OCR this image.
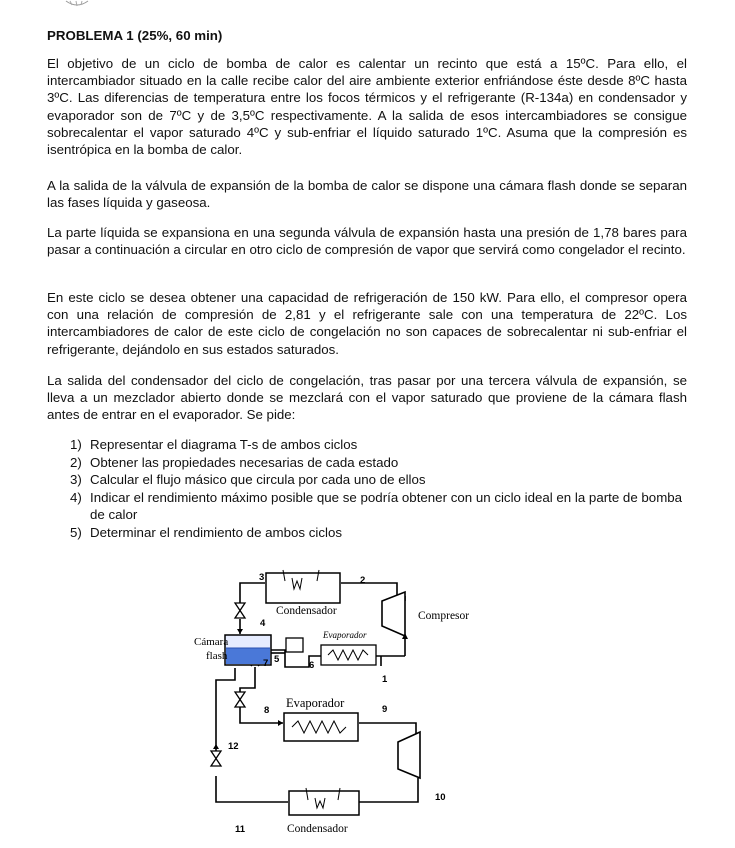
PROBLEMA 1 (25%, 60 min)

El objetivo de un ciclo de bomba de calor es calentar un recinto que está a 15ºC. Para ello, el intercambiador situado en la calle recibe calor del aire ambiente exterior enfriándose éste desde 8ºC hasta 3ºC. Las diferencias de temperatura entre los focos térmicos y el refrigerante (R-134a) en condensador y evaporador son de 7ºC y de 3,5ºC respectivamente. A la salida de esos intercambiadores se consigue sobrecalentar el vapor saturado 4ºC y sub-enfriar el líquido saturado 1ºC. Asuma que la compresión es isentrópica en la bomba de calor.

A la salida de la válvula de expansión de la bomba de calor se dispone una cámara flash donde se separan las fases líquida y gaseosa.

La parte líquida se expansiona en una segunda válvula de expansión hasta una presión de 1,78 bares para pasar a continuación a circular en otro ciclo de compresión de vapor que servirá como congelador el recinto.

En este ciclo se desea obtener una capacidad de refrigeración de 150 kW. Para ello, el compresor opera con una relación de compresión de 2,81 y el refrigerante sale con una temperatura de 22ºC. Los intercambiadores de calor de este ciclo de congelación no son capaces de sobrecalentar ni sub-enfriar el refrigerante, dejándolo en sus estados saturados.

La salida del condensador del ciclo de congelación, tras pasar por una tercera válvula de expansión, se lleva a un mezclador abierto donde se mezclará con el vapor saturado que proviene de la cámara flash antes de entrar en el evaporador. Se pide:

1) Representar el diagrama T-s de ambos ciclos
2) Obtener las propiedades necesarias de cada estado
3) Calcular el flujo másico que circula por cada uno de ellos
4) Indicar el rendimiento máximo posible que se podría obtener con un ciclo ideal en la parte de bomba de calor
5) Determinar el rendimiento de ambos ciclos
Condensador	Compresor
Cámara
flash
Evaporador
Evaporador
Condensador
1
2
3
4
5
6
7
8	9
10
11
12
